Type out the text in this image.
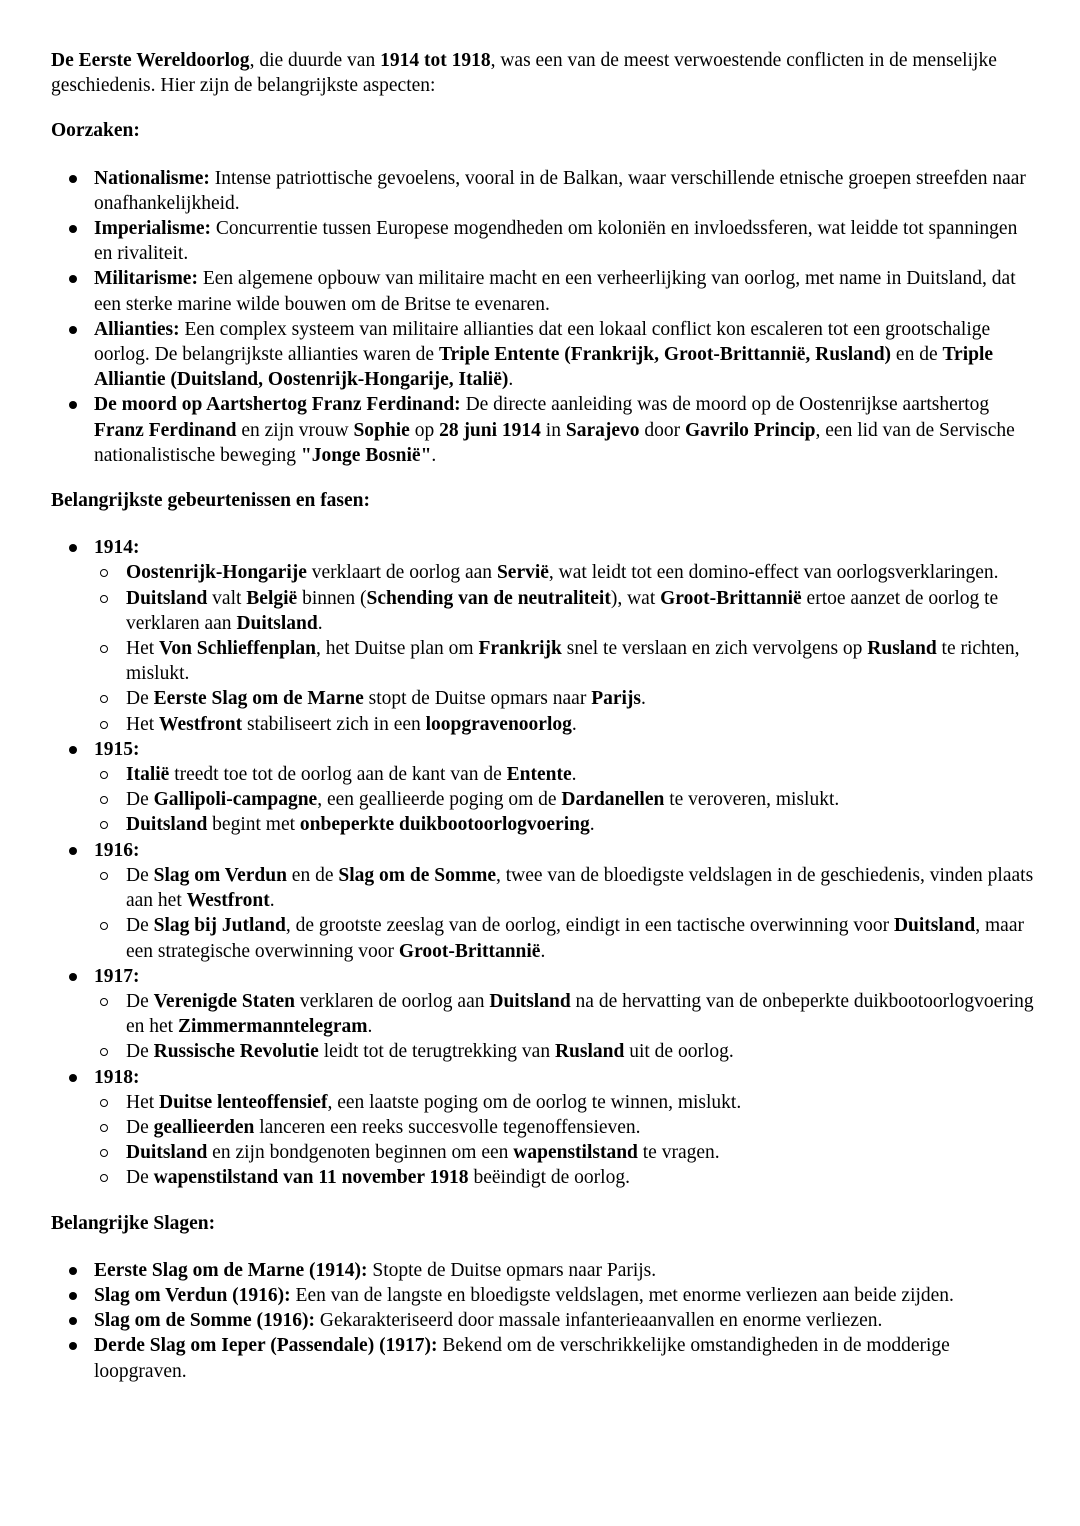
De Eerste Wereldoorlog, die duurde van 1914 tot 1918, was een van de meest verwoestende conflicten in de menselijke geschiedenis. Hier zijn de belangrijkste aspecten:

Oorzaken:

Nationalisme: Intense patriottische gevoelens, vooral in de Balkan, waar verschillende etnische groepen streefden naar onafhankelijkheid.
Imperialisme: Concurrentie tussen Europese mogendheden om koloniën en invloedssferen, wat leidde tot spanningen en rivaliteit.
Militarisme: Een algemene opbouw van militaire macht en een verheerlijking van oorlog, met name in Duitsland, dat een sterke marine wilde bouwen om de Britse te evenaren.
Allianties: Een complex systeem van militaire allianties dat een lokaal conflict kon escaleren tot een grootschalige oorlog. De belangrijkste allianties waren de Triple Entente (Frankrijk, Groot-Brittannië, Rusland) en de Triple Alliantie (Duitsland, Oostenrijk-Hongarije, Italië).
De moord op Aartshertog Franz Ferdinand: De directe aanleiding was de moord op de Oostenrijkse aartshertog Franz Ferdinand en zijn vrouw Sophie op 28 juni 1914 in Sarajevo door Gavrilo Princip, een lid van de Servische nationalistische beweging "Jonge Bosnië".

Belangrijkste gebeurtenissen en fasen:

1914:
Oostenrijk-Hongarije verklaart de oorlog aan Servië, wat leidt tot een domino-effect van oorlogsverklaringen.
Duitsland valt België binnen (Schending van de neutraliteit), wat Groot-Brittannië ertoe aanzet de oorlog te verklaren aan Duitsland.
Het Von Schlieffenplan, het Duitse plan om Frankrijk snel te verslaan en zich vervolgens op Rusland te richten, mislukt.
De Eerste Slag om de Marne stopt de Duitse opmars naar Parijs.
Het Westfront stabiliseert zich in een loopgravenoorlog.
1915:
Italië treedt toe tot de oorlog aan de kant van de Entente.
De Gallipoli-campagne, een geallieerde poging om de Dardanellen te veroveren, mislukt.
Duitsland begint met onbeperkte duikbootoorlogvoering.
1916:
De Slag om Verdun en de Slag om de Somme, twee van de bloedigste veldslagen in de geschiedenis, vinden plaats aan het Westfront.
De Slag bij Jutland, de grootste zeeslag van de oorlog, eindigt in een tactische overwinning voor Duitsland, maar een strategische overwinning voor Groot-Brittannië.
1917:
De Verenigde Staten verklaren de oorlog aan Duitsland na de hervatting van de onbeperkte duikbootoorlogvoering en het Zimmermanntelegram.
De Russische Revolutie leidt tot de terugtrekking van Rusland uit de oorlog.
1918:
Het Duitse lenteoffensief, een laatste poging om de oorlog te winnen, mislukt.
De geallieerden lanceren een reeks succesvolle tegenoffensieven.
Duitsland en zijn bondgenoten beginnen om een wapenstilstand te vragen.
De wapenstilstand van 11 november 1918 beëindigt de oorlog.

Belangrijke Slagen:

Eerste Slag om de Marne (1914): Stopte de Duitse opmars naar Parijs.
Slag om Verdun (1916): Een van de langste en bloedigste veldslagen, met enorme verliezen aan beide zijden.
Slag om de Somme (1916): Gekarakteriseerd door massale infanterieaanvallen en enorme verliezen.
Derde Slag om Ieper (Passendale) (1917): Bekend om de verschrikkelijke omstandigheden in de modderige loopgraven.
